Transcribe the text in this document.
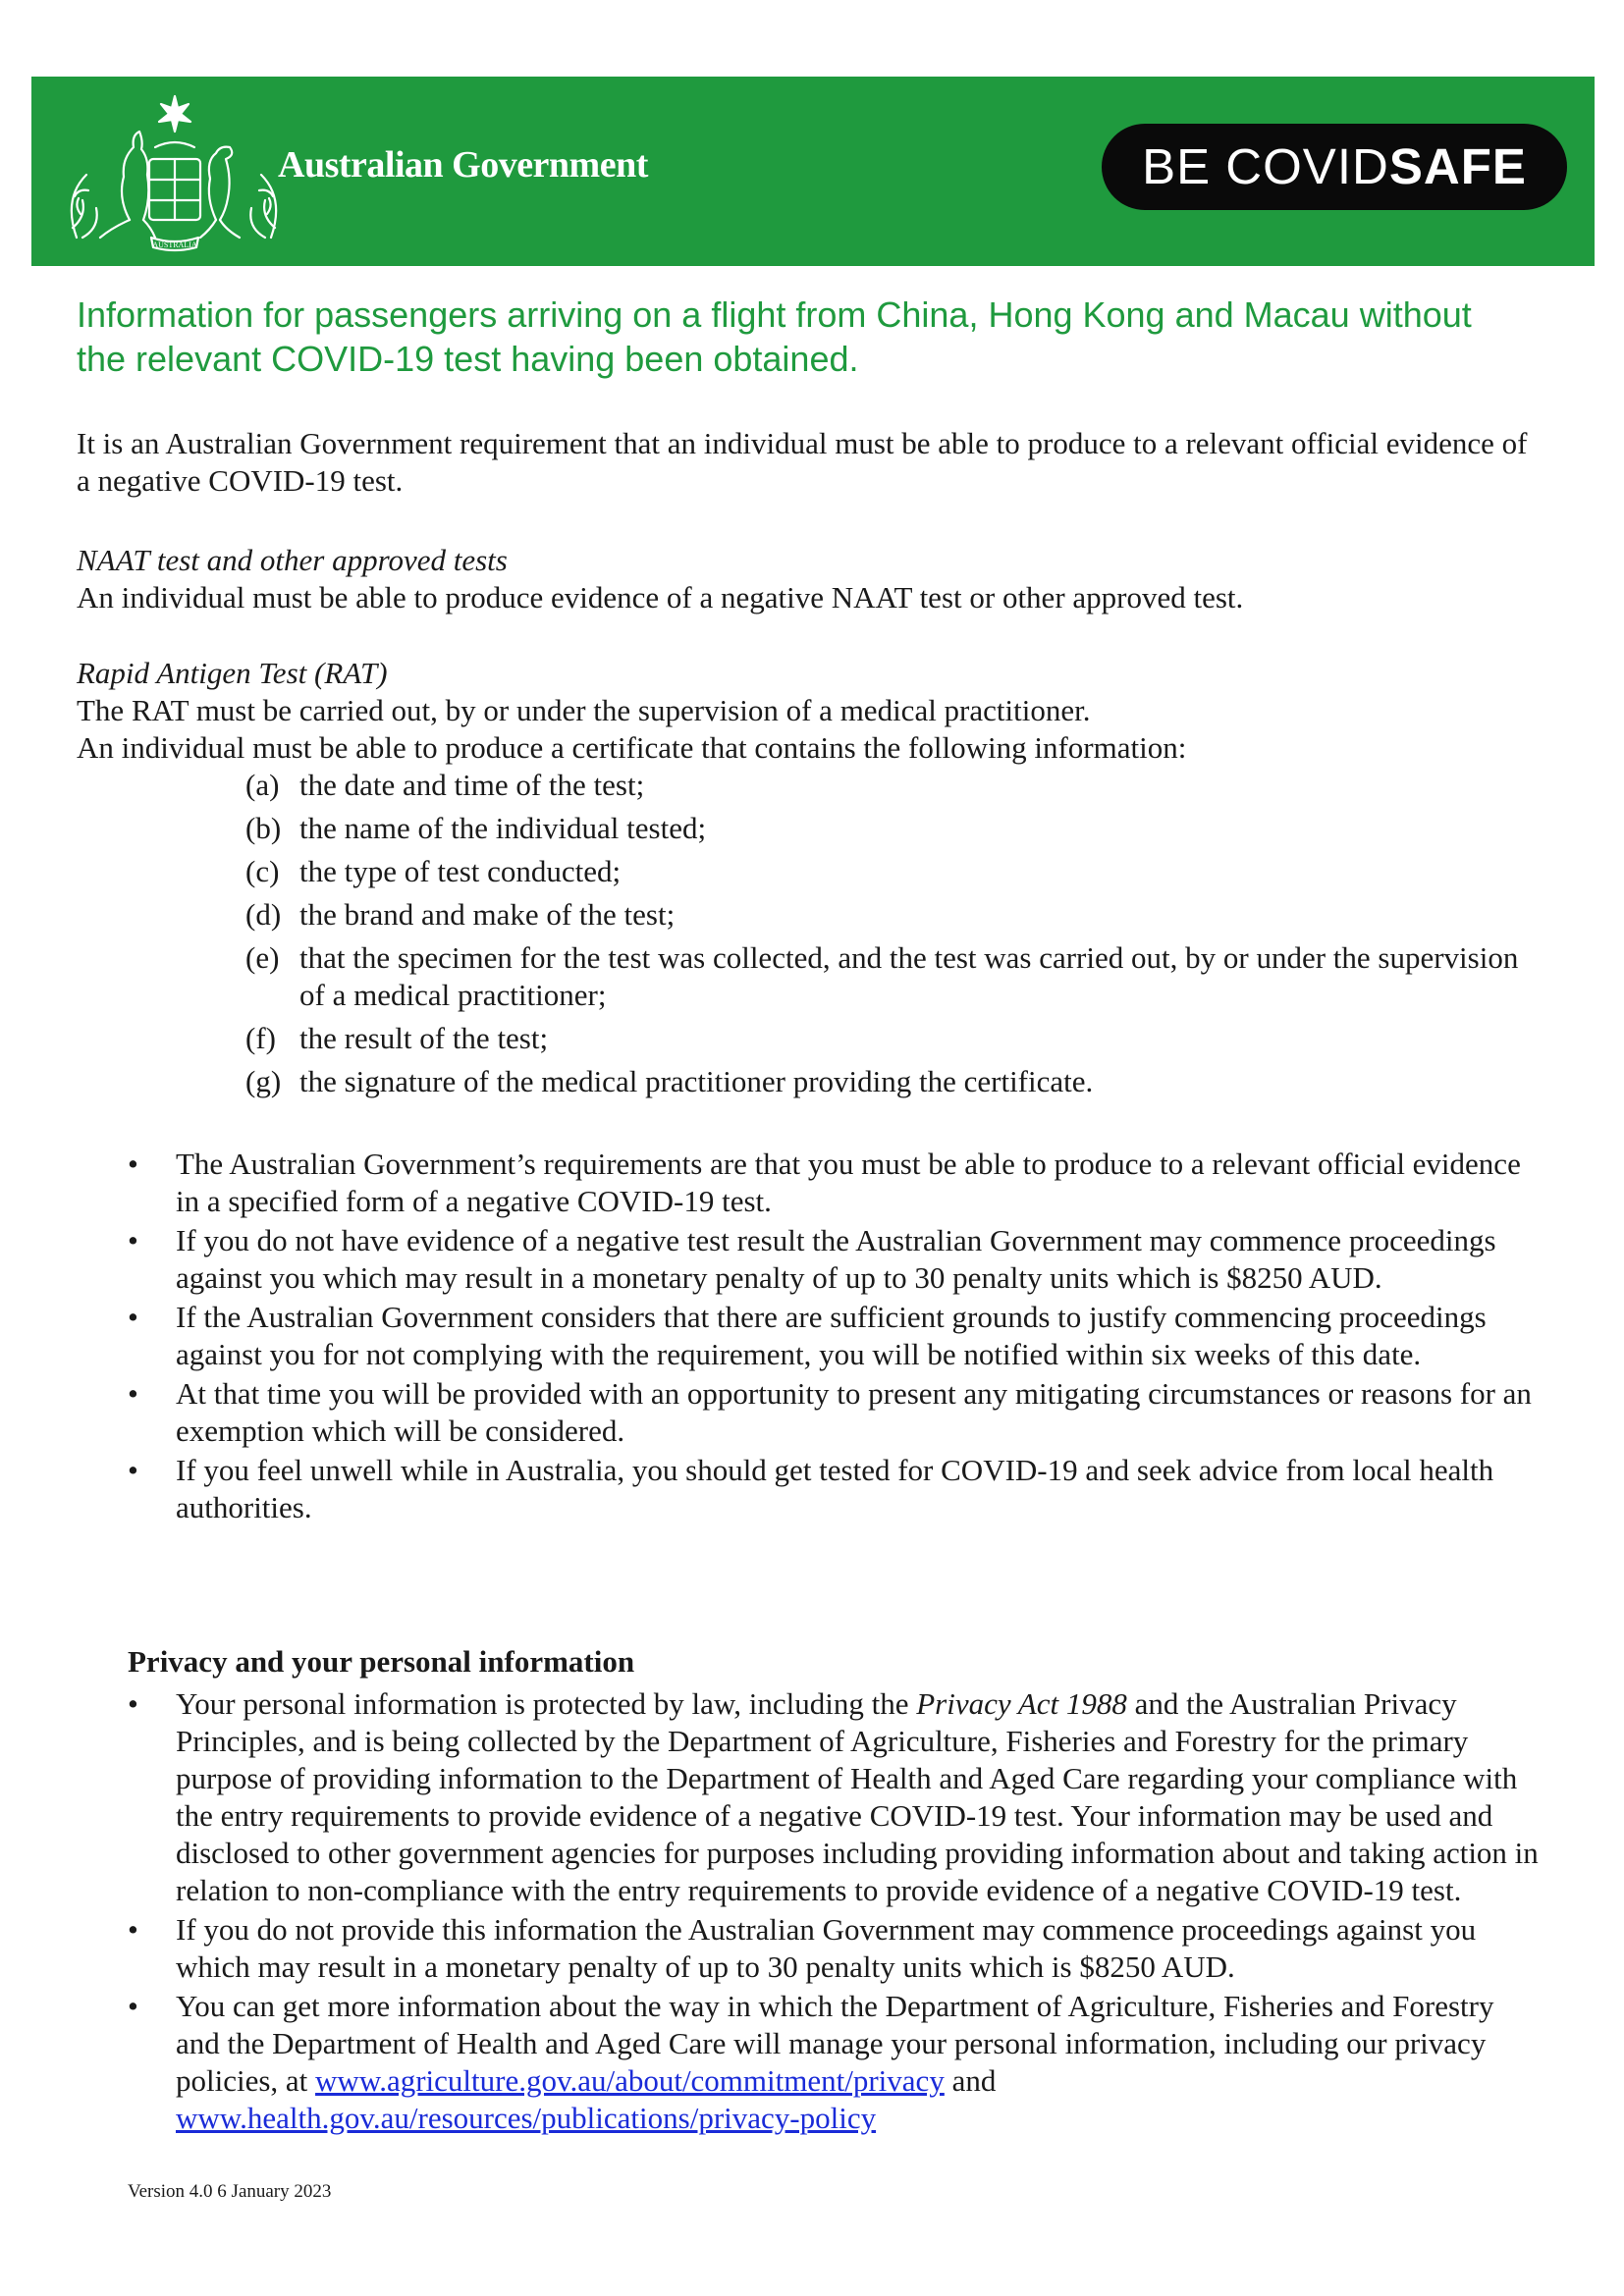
AUSTRALIA
Australian Government	BE COVIDSAFE
Information for passengers arriving on a flight from China, Hong Kong and Macau without the relevant COVID-19 test having been obtained.

It is an Australian Government requirement that an individual must be able to produce to a relevant official evidence of a negative COVID-19 test.

NAAT test and other approved tests

An individual must be able to produce evidence of a negative NAAT test or other approved test.

Rapid Antigen Test (RAT)

The RAT must be carried out, by or under the supervision of a medical practitioner.

An individual must be able to produce a certificate that contains the following information:

(a) the date and time of the test;
(b) the name of the individual tested;
(c) the type of test conducted;
(d) the brand and make of the test;
(e) that the specimen for the test was collected, and the test was carried out, by or under the supervision of a medical practitioner;
(f) the result of the test;
(g) the signature of the medical practitioner providing the certificate.
• The Australian Government’s requirements are that you must be able to produce to a relevant official evidence in a specified form of a negative COVID-19 test.
• If you do not have evidence of a negative test result the Australian Government may commence proceedings against you which may result in a monetary penalty of up to 30 penalty units which is $8250 AUD.
• If the Australian Government considers that there are sufficient grounds to justify commencing proceedings against you for not complying with the requirement, you will be notified within six weeks of this date.
• At that time you will be provided with an opportunity to present any mitigating circumstances or reasons for an exemption which will be considered.
• If you feel unwell while in Australia, you should get tested for COVID-19 and seek advice from local health authorities.
Privacy and your personal information
• Your personal information is protected by law, including the Privacy Act 1988 and the Australian Privacy Principles, and is being collected by the Department of Agriculture, Fisheries and Forestry for the primary purpose of providing information to the Department of Health and Aged Care regarding your compliance with the entry requirements to provide evidence of a negative COVID-19 test. Your information may be used and disclosed to other government agencies for purposes including providing information about and taking action in relation to non-compliance with the entry requirements to provide evidence of a negative COVID-19 test.
• If you do not provide this information the Australian Government may commence proceedings against you which may result in a monetary penalty of up to 30 penalty units which is $8250 AUD.
• You can get more information about the way in which the Department of Agriculture, Fisheries and Forestry and the Department of Health and Aged Care will manage your personal information, including our privacy policies, at www.agriculture.gov.au/about/commitment/privacy and
www.health.gov.au/resources/publications/privacy-policy
Version 4.0 6 January 2023
